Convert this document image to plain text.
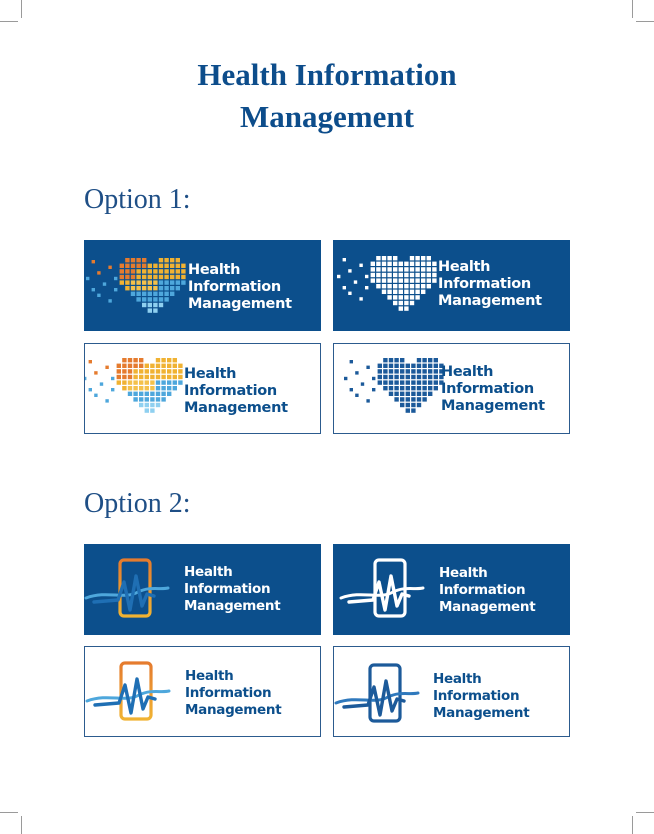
Health Information
Management
Option 1:
Option 2:
Health
Information
Management
Health
Information
Management
Health
Information
Management
Health
Information
Management
Health
Information
Management
Health
Information
Management
Health
Information
Management
Health
Information
Management
